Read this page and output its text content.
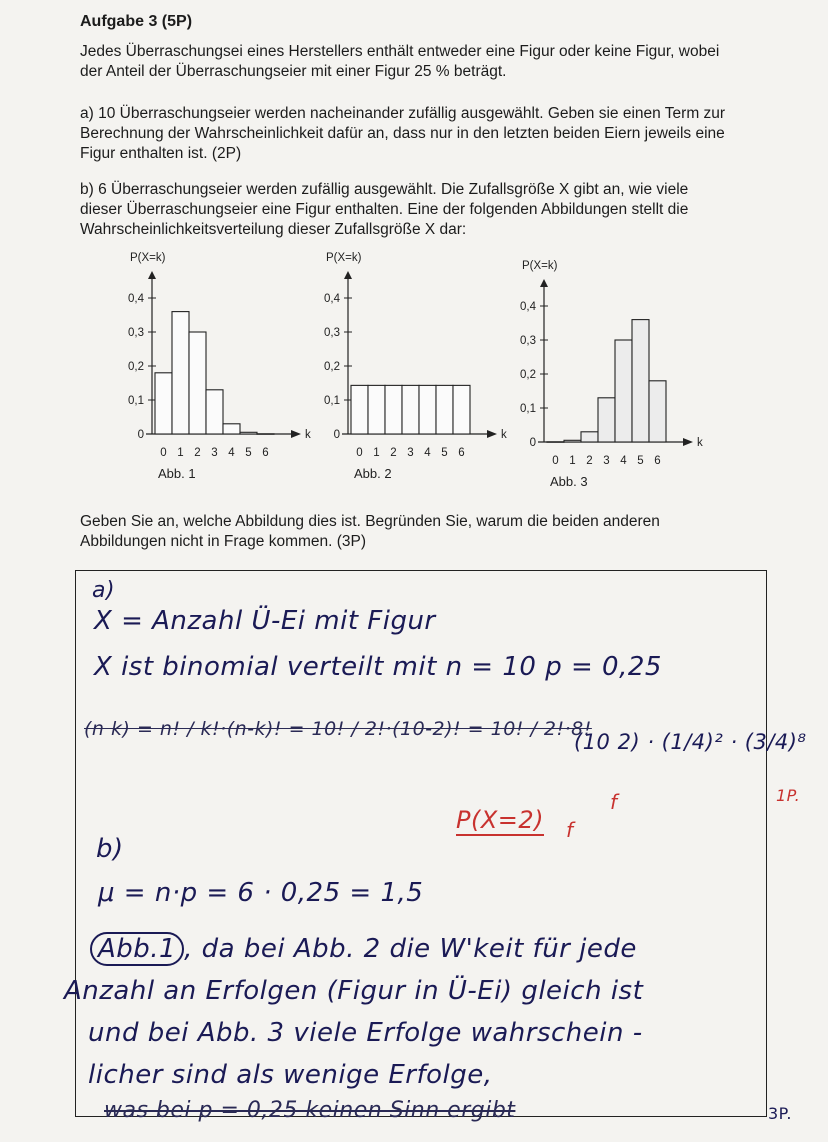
Aufgabe 3 (5P)
Jedes Überraschungsei eines Herstellers enthält entweder eine Figur oder keine Figur, wobei der Anteil der Überraschungseier mit einer Figur 25 % beträgt.
a) 10 Überraschungseier werden nacheinander zufällig ausgewählt. Geben sie einen Term zur Berechnung der Wahrscheinlichkeit dafür an, dass nur in den letzten beiden Eiern jeweils eine Figur enthalten ist. (2P)
b) 6 Überraschungseier werden zufällig ausgewählt. Die Zufallsgröße X gibt an, wie viele dieser Überraschungseier eine Figur enthalten. Eine der folgenden Abbildungen stellt die Wahrscheinlichkeitsverteilung dieser Zufallsgröße X dar:
P(X=k)
k
0
0,1
0,2
0,3
0,4
0 1 2 3 4 5 6
Abb. 1
P(X=k)
k
0
0,1
0,2
0,3
0,4
0 1 2 3 4 5 6
Abb. 2
P(X=k)
k
0
0,1
0,2
0,3
0,4
0 1 2 3 4 5 6
Abb. 3
Geben Sie an, welche Abbildung dies ist. Begründen Sie, warum die beiden anderen Abbildungen nicht in Frage kommen. (3P)
a)
X = Anzahl Ü-Ei mit Figur
X ist binomial verteilt mit n = 10 p = 0,25
(n k) = n! / k!·(n-k)! = 10! / 2!·(10-2)! = 10! / 2!·8!
(10 2) · (1/4)² · (3/4)⁸
f
P(X=2) f
1P.
b)
μ = n·p = 6 · 0,25 = 1,5
Abb.1 , da bei Abb. 2 die W'keit für jede
Anzahl an Erfolgen (Figur in Ü-Ei) gleich ist
und bei Abb. 3 viele Erfolge wahrschein -
licher sind als wenige Erfolge,
was bei p = 0,25 keinen Sinn ergibt	3P.
